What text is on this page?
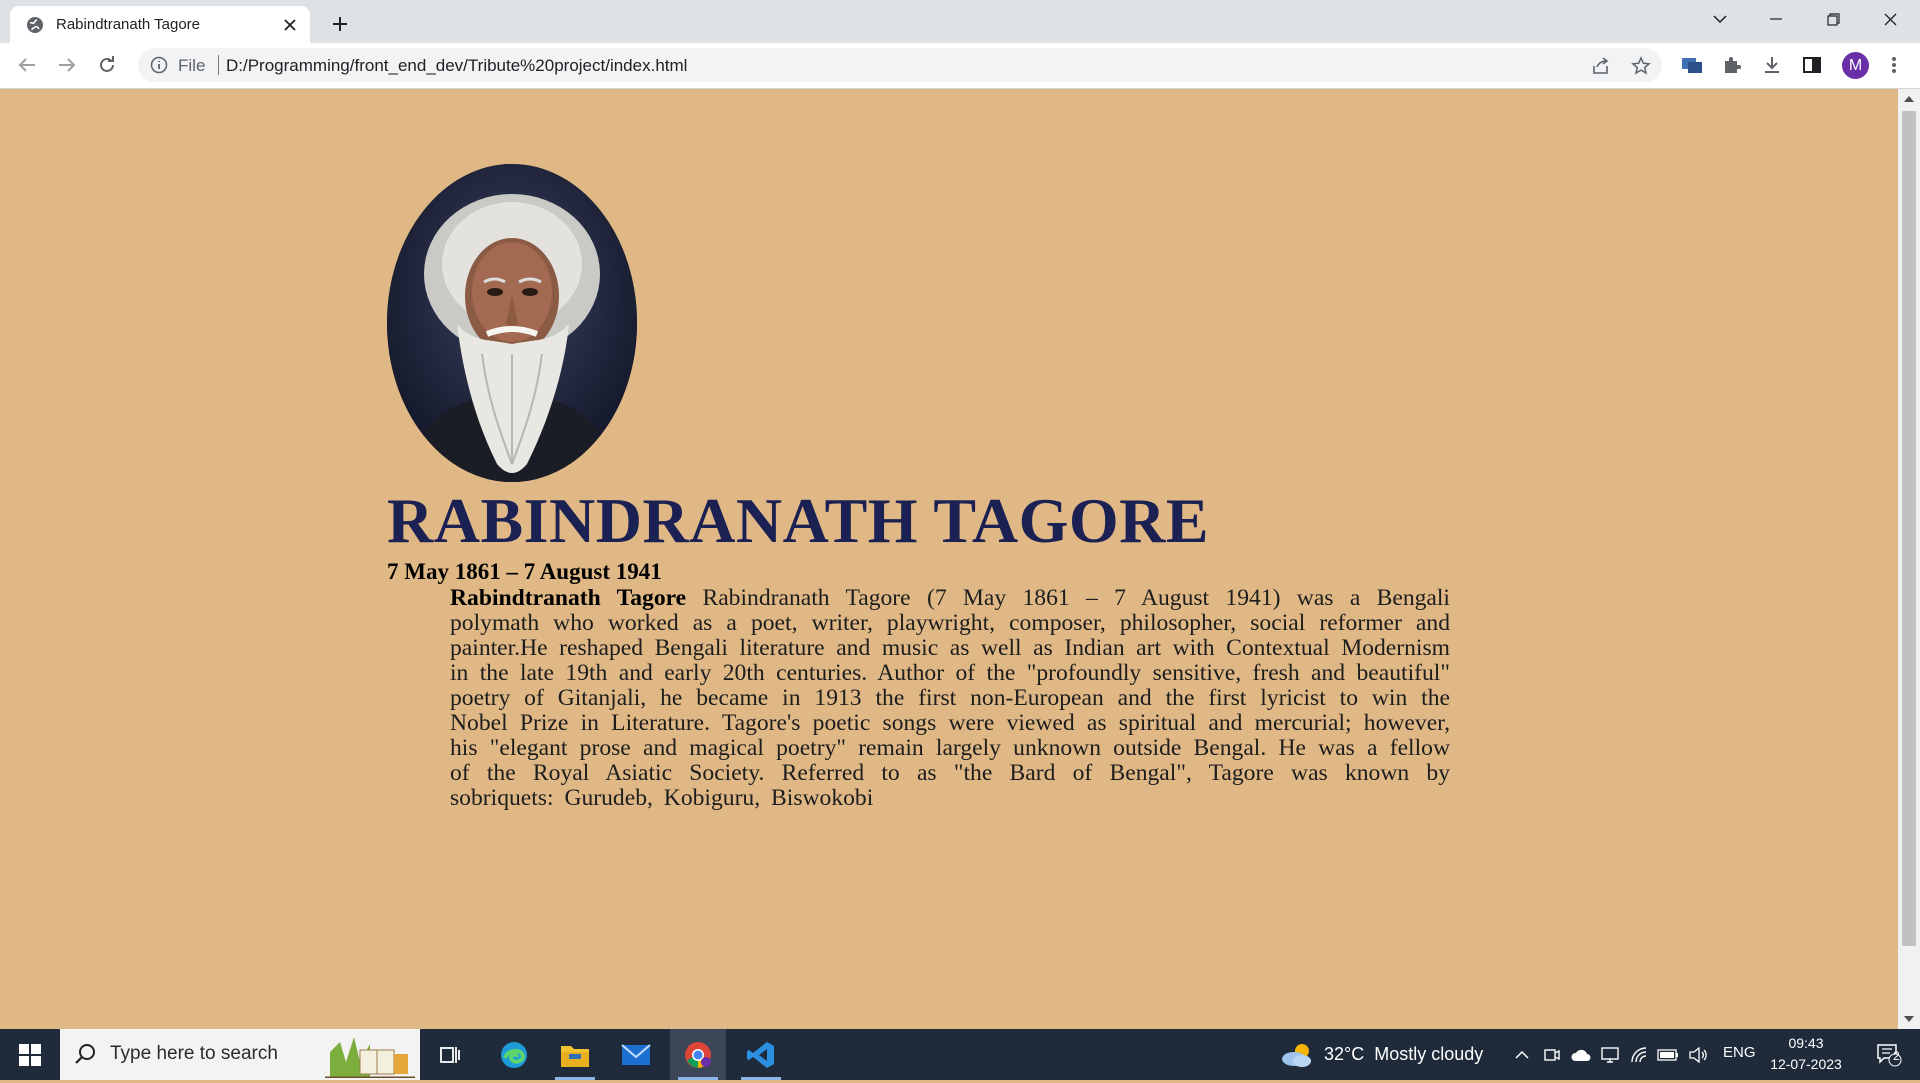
Rabindtranath Tagore
File D:/Programming/front_end_dev/Tribute%20project/index.html	M
RABINDRANATH TAGORE
7 May 1861 – 7 August 1941

Rabindtranath Tagore Rabindranath Tagore (7 May 1861 – 7 August 1941) was a Bengali polymath who worked as a poet, writer, playwright, composer, philosopher, social reformer and painter.He reshaped Bengali literature and music as well as Indian art with Contextual Modernism in the late 19th and early 20th centuries. Author of the "profoundly sensitive, fresh and beautiful" poetry of Gitanjali, he became in 1913 the first non-European and the first lyricist to win the Nobel Prize in Literature. Tagore's poetic songs were viewed as spiritual and mercurial; however, his "elegant prose and magical poetry" remain largely unknown outside Bengal. He was a fellow of the Royal Asiatic Society. Referred to as "the Bard of Bengal", Tagore was known by sobriquets: Gurudeb, Kobiguru, Biswokobi

Type here to search	32°C Mostly cloudy	ENG
09:43
12-07-2023	2
